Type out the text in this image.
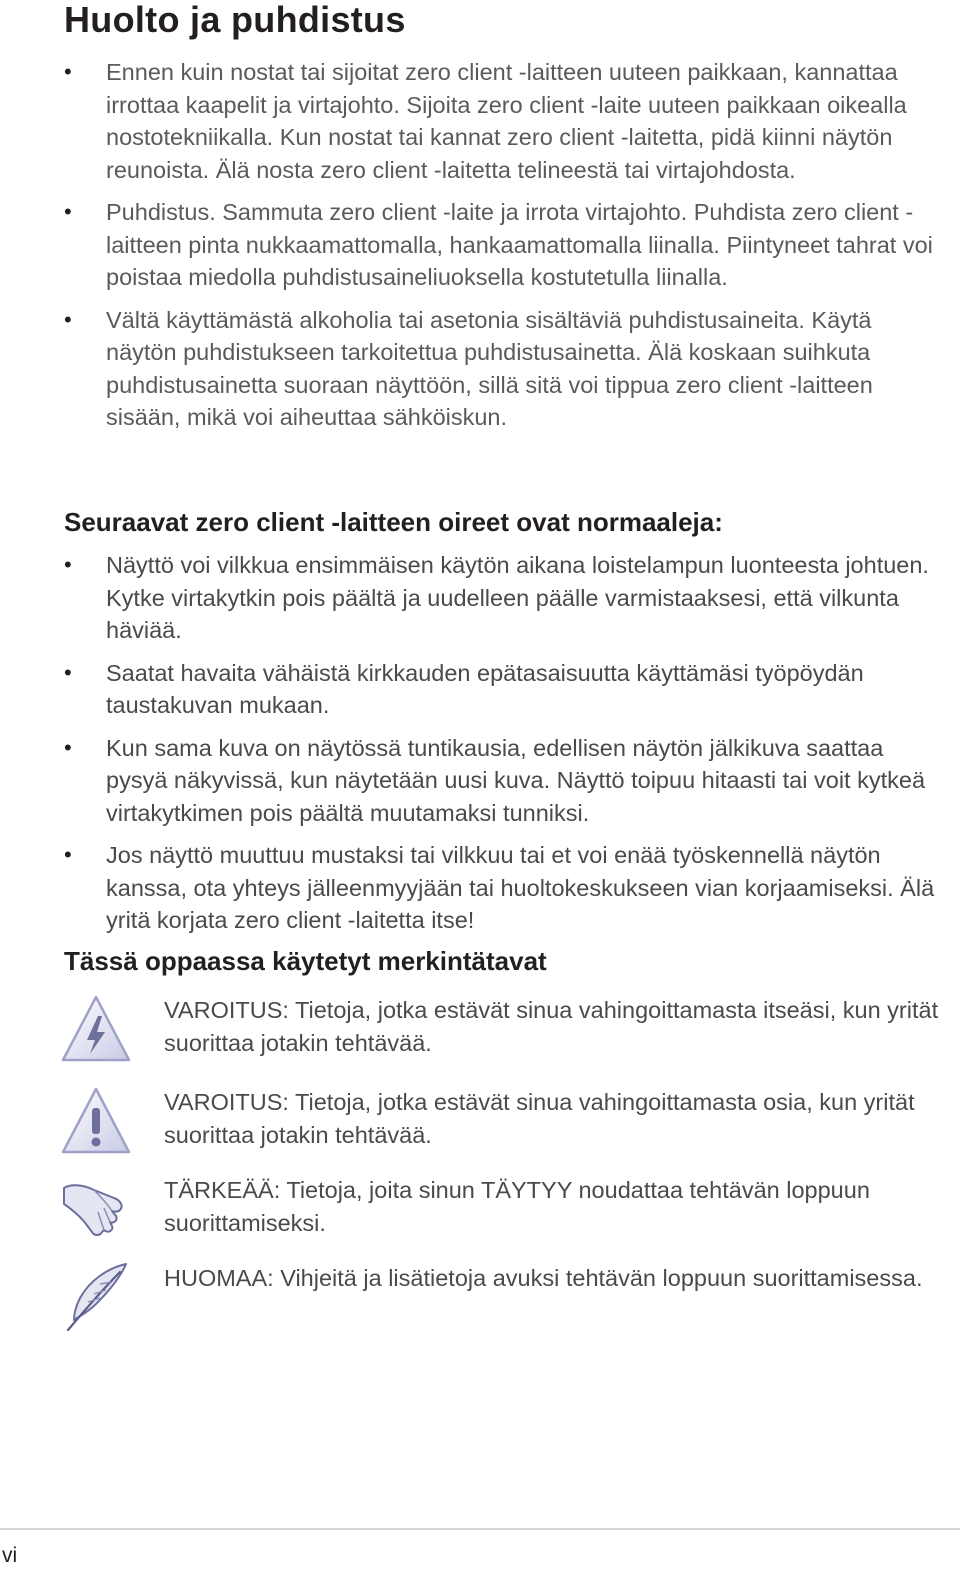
Huolto ja puhdistus
• Ennen kuin nostat tai sijoitat zero client -laitteen uuteen paikkaan, kannattaa irrottaa kaapelit ja virtajohto. Sijoita zero client -laite uuteen paikkaan oikealla nostotekniikalla. Kun nostat tai kannat zero client -laitetta, pidä kiinni näytön reunoista. Älä nosta zero client -laitetta telineestä tai virtajohdosta.
• Puhdistus. Sammuta zero client -laite ja irrota virtajohto. Puhdista zero client -laitteen pinta nukkaamattomalla, hankaamattomalla liinalla. Piintyneet tahrat voi poistaa miedolla puhdistusaineliuoksella kostutetulla liinalla.
• Vältä käyttämästä alkoholia tai asetonia sisältäviä puhdistusaineita. Käytä näytön puhdistukseen tarkoitettua puhdistusainetta. Älä koskaan suihkuta puhdistusainetta suoraan näyttöön, sillä sitä voi tippua zero client -laitteen sisään, mikä voi aiheuttaa sähköiskun.
Seuraavat zero client -laitteen oireet ovat normaaleja:
• Näyttö voi vilkkua ensimmäisen käytön aikana loistelampun luonteesta johtuen. Kytke virtakytkin pois päältä ja uudelleen päälle varmistaaksesi, että vilkunta häviää.
• Saatat havaita vähäistä kirkkauden epätasaisuutta käyttämäsi työpöydän taustakuvan mukaan.
• Kun sama kuva on näytössä tuntikausia, edellisen näytön jälkikuva saattaa pysyä näkyvissä, kun näytetään uusi kuva. Näyttö toipuu hitaasti tai voit kytkeä virtakytkimen pois päältä muutamaksi tunniksi.
• Jos näyttö muuttuu mustaksi tai vilkkuu tai et voi enää työskennellä näytön kanssa, ota yhteys jälleenmyyjään tai huoltokeskukseen vian korjaamiseksi. Älä yritä korjata zero client -laitetta itse!
Tässä oppaassa käytetyt merkintätavat
VAROITUS: Tietoja, jotka estävät sinua vahingoittamasta itseäsi, kun yrität suorittaa jotakin tehtävää.
VAROITUS: Tietoja, jotka estävät sinua vahingoittamasta osia, kun yrität suorittaa jotakin tehtävää.
TÄRKEÄÄ: Tietoja, joita sinun TÄYTYY noudattaa tehtävän loppuun suorittamiseksi.
HUOMAA: Vihjeitä ja lisätietoja avuksi tehtävän loppuun suorittamisessa.
vi
